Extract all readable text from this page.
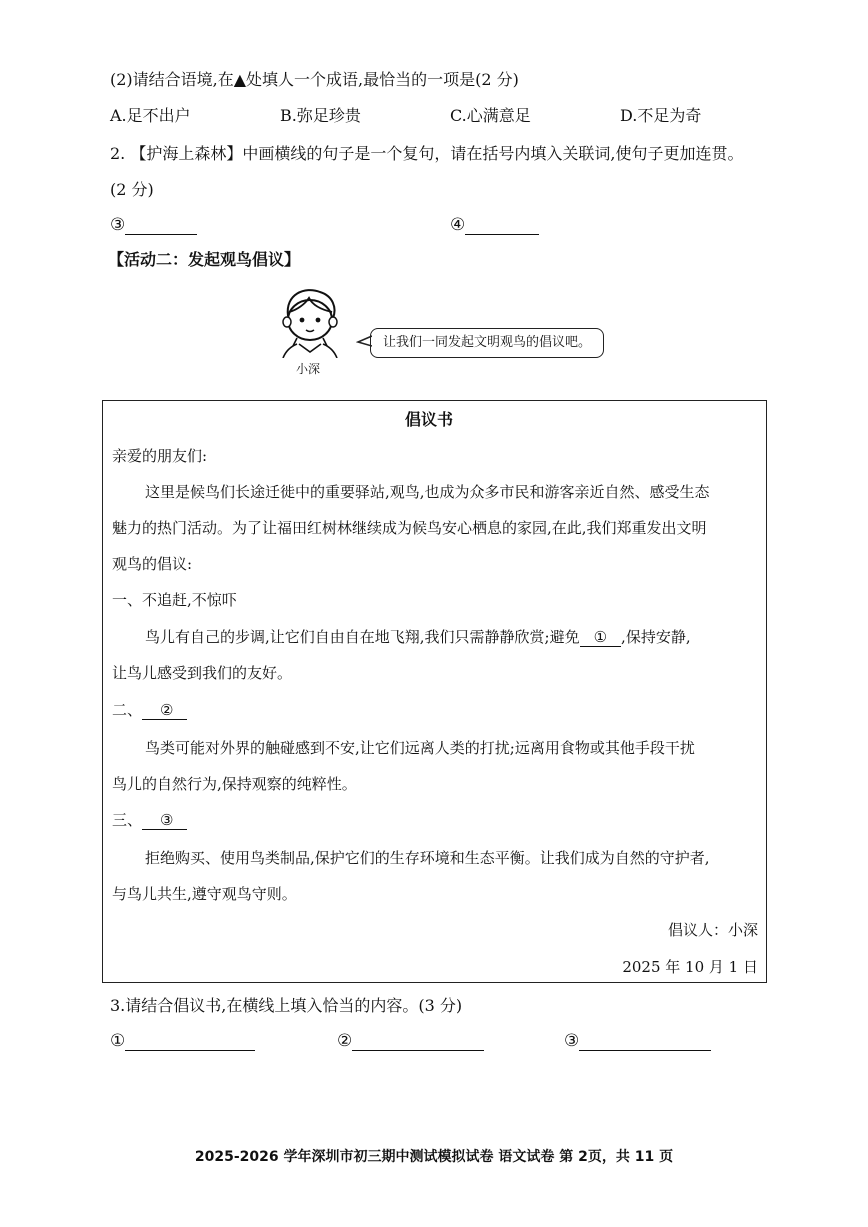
(2)请结合语境,在▲处填人一个成语,最恰当的一项是(2 分)
A.足不出户	B.弥足珍贵	C.心满意足	D.不足为奇
2. 【护海上森林】中画横线的句子是一个复句，请在括号内填入关联词,使句子更加连贯。
(2 分)
③	④
【活动二：发起观鸟倡议】
小深
让我们一同发起文明观鸟的倡议吧。
倡议书
亲爱的朋友们:
这里是候鸟们长途迁徙中的重要驿站,观鸟,也成为众多市民和游客亲近自然、感受生态
魅力的热门活动。为了让福田红树林继续成为候鸟安心栖息的家园,在此,我们郑重发出文明
观鸟的倡议:
一、不追赶,不惊吓
鸟儿有自己的步调,让它们自由自在地飞翔,我们只需静静欣赏;避免 ① ,保持安静,
让鸟儿感受到我们的友好。
二、 ②
鸟类可能对外界的触碰感到不安,让它们远离人类的打扰;远离用食物或其他手段干扰
鸟儿的自然行为,保持观察的纯粹性。
三、 ③
拒绝购买、使用鸟类制品,保护它们的生存环境和生态平衡。让我们成为自然的守护者,
与鸟儿共生,遵守观鸟守则。
倡议人：小深
2025 年 10 月 1 日
3.请结合倡议书,在横线上填入恰当的内容。(3 分)
①	②	③
2025-2026 学年深圳市初三期中测试模拟试卷 语文试卷 第 2页，共 11 页
